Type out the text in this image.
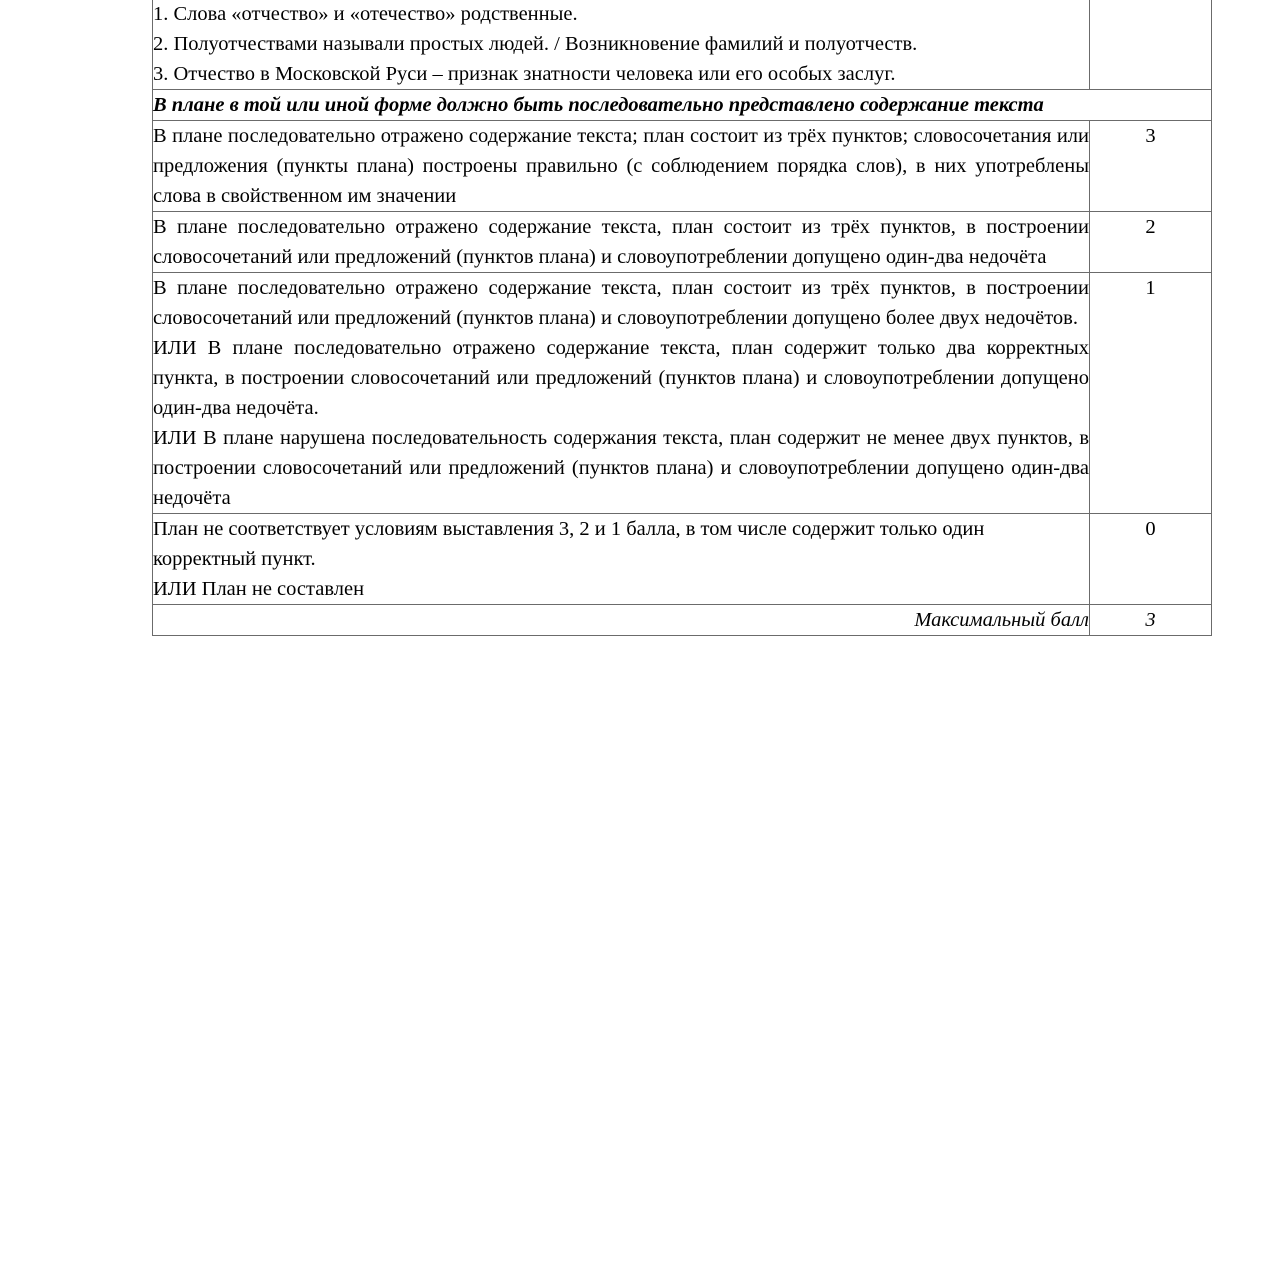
1. Слова «отчество» и «отечество» родственные.
2. Полуотчествами называли простых людей. / Возникновение фамилий и полуотчеств.
3. Отчество в Московской Руси – признак знатности человека или его особых заслуг.	

В плане в той или иной форме должно быть последовательно представлено содержание текста	

В плане последовательно отражено содержание текста; план состоит из трёх пунктов; словосочетания или предложения (пункты плана) построены правильно (с соблюдением порядка слов), в них употреблены слова в свойственном им значении	3

В плане последовательно отражено содержание текста, план состоит из трёх пунктов, в построении словосочетаний или предложений (пунктов плана) и словоупотреблении допущено один-два недочёта	2

В плане последовательно отражено содержание текста, план состоит из трёх пунктов, в построении словосочетаний или предложений (пунктов плана) и словоупотреблении допущено более двух недочётов.

ИЛИ В плане последовательно отражено содержание текста, план содержит только два корректных пункта, в построении словосочетаний или предложений (пунктов плана) и словоупотреблении допущено один-два недочёта.

ИЛИ В плане нарушена последовательность содержания текста, план содержит не менее двух пунктов, в построении словосочетаний или предложений (пунктов плана) и словоупотреблении допущено один-два недочёта	1

План не соответствует условиям выставления 3, 2 и 1 балла, в том числе содержит только один корректный пункт.

ИЛИ План не составлен	0
Максимальный балл	3
